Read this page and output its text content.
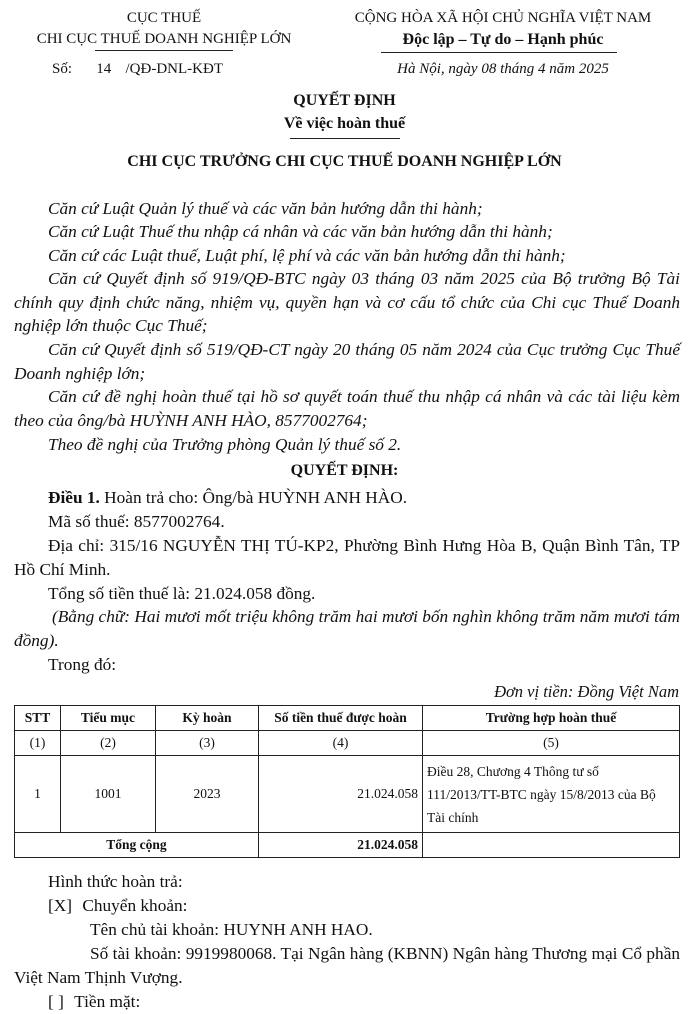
CỤC THUẾ
CHI CỤC THUẾ DOANH NGHIỆP LỚN
Số: 14 /QĐ-DNL-KĐT
CỘNG HÒA XÃ HỘI CHỦ NGHĨA VIỆT NAM
Độc lập – Tự do – Hạnh phúc
Hà Nội, ngày 08 tháng 4 năm 2025
QUYẾT ĐỊNH
Về việc hoàn thuế
CHI CỤC TRƯỞNG CHI CỤC THUẾ DOANH NGHIỆP LỚN
Căn cứ Luật Quản lý thuế và các văn bản hướng dẫn thi hành;
Căn cứ Luật Thuế thu nhập cá nhân và các văn bản hướng dẫn thi hành;
Căn cứ các Luật thuế, Luật phí, lệ phí và các văn bản hướng dẫn thi hành;
Căn cứ Quyết định số 919/QĐ-BTC ngày 03 tháng 03 năm 2025 của Bộ trưởng Bộ Tài chính quy định chức năng, nhiệm vụ, quyền hạn và cơ cấu tổ chức của Chi cục Thuế Doanh nghiệp lớn thuộc Cục Thuế;
Căn cứ Quyết định số 519/QĐ-CT ngày 20 tháng 05 năm 2024 của Cục trưởng Cục Thuế Doanh nghiệp lớn;
Căn cứ đề nghị hoàn thuế tại hồ sơ quyết toán thuế thu nhập cá nhân và các tài liệu kèm theo của ông/bà HUỲNH ANH HÀO, 8577002764;
Theo đề nghị của Trưởng phòng Quản lý thuế số 2.
QUYẾT ĐỊNH:
Điều 1. Hoàn trả cho: Ông/bà HUỲNH ANH HÀO.
Mã số thuế: 8577002764.
Địa chỉ: 315/16 NGUYỄN THỊ TÚ-KP2, Phường Bình Hưng Hòa B, Quận Bình Tân, TP Hồ Chí Minh.
Tổng số tiền thuế là: 21.024.058 đồng.
(Bằng chữ: Hai mươi mốt triệu không trăm hai mươi bốn nghìn không trăm năm mươi tám đồng).
Trong đó:
Đơn vị tiền: Đồng Việt Nam
STT	Tiểu mục	Kỳ hoàn	Số tiền thuế được hoàn	Trường hợp hoàn thuế
(1)	(2)	(3)	(4)	(5)
1	1001	2023	21.024.058	Điều 28, Chương 4 Thông tư số 111/2013/TT-BTC ngày 15/8/2013 của Bộ Tài chính
Tổng cộng			21.024.058	
Hình thức hoàn trả:
[X] Chuyển khoản:
Tên chủ tài khoản: HUYNH ANH HAO.
Số tài khoản: 9919980068. Tại Ngân hàng (KBNN) Ngân hàng Thương mại Cổ phần Việt Nam Thịnh Vượng.
[ ] Tiền mặt:
